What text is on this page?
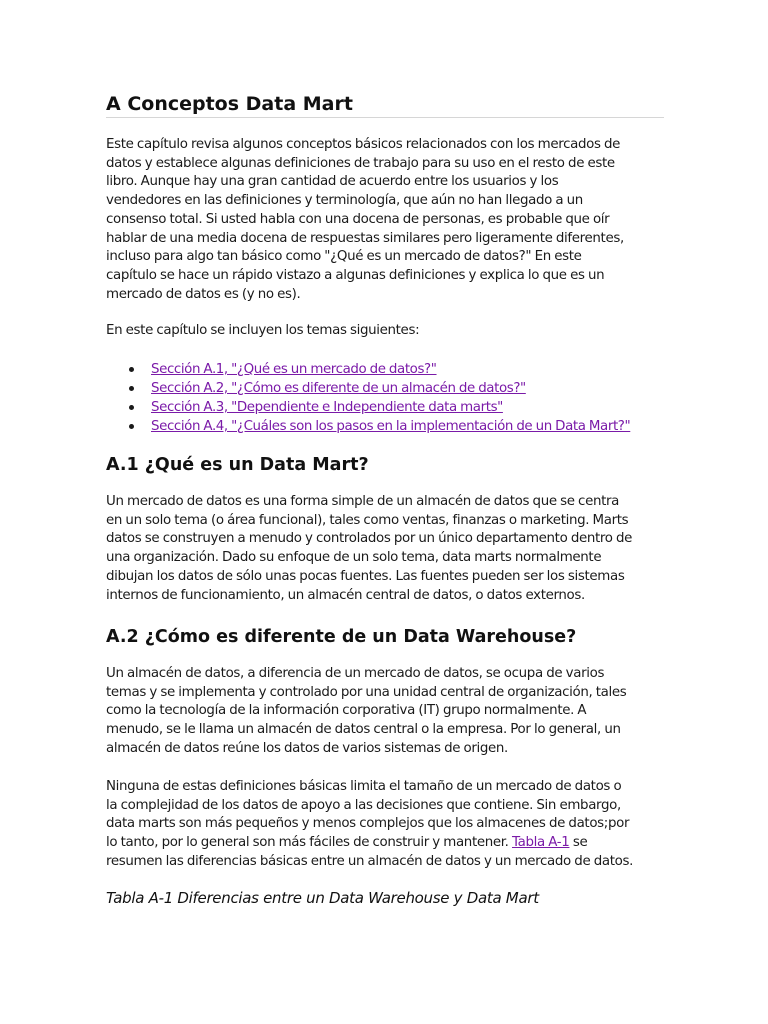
A Conceptos Data Mart

Este capítulo revisa algunos conceptos básicos relacionados con los mercados de
datos y establece algunas definiciones de trabajo para su uso en el resto de este
libro. Aunque hay una gran cantidad de acuerdo entre los usuarios y los
vendedores en las definiciones y terminología, que aún no han llegado a un
consenso total. Si usted habla con una docena de personas, es probable que oír
hablar de una media docena de respuestas similares pero ligeramente diferentes,
incluso para algo tan básico como "¿Qué es un mercado de datos?" En este
capítulo se hace un rápido vistazo a algunas definiciones y explica lo que es un
mercado de datos es (y no es).

En este capítulo se incluyen los temas siguientes:

Sección A.1, "¿Qué es un mercado de datos?"
Sección A.2, "¿Cómo es diferente de un almacén de datos?"
Sección A.3, "Dependiente e Independiente data marts"
Sección A.4, "¿Cuáles son los pasos en la implementación de un Data Mart?"
A.1 ¿Qué es un Data Mart?

Un mercado de datos es una forma simple de un almacén de datos que se centra
en un solo tema (o área funcional), tales como ventas, finanzas o marketing. Marts
datos se construyen a menudo y controlados por un único departamento dentro de
una organización. Dado su enfoque de un solo tema, data marts normalmente
dibujan los datos de sólo unas pocas fuentes. Las fuentes pueden ser los sistemas
internos de funcionamiento, un almacén central de datos, o datos externos.

A.2 ¿Cómo es diferente de un Data Warehouse?

Un almacén de datos, a diferencia de un mercado de datos, se ocupa de varios
temas y se implementa y controlado por una unidad central de organización, tales
como la tecnología de la información corporativa (IT) grupo normalmente. A
menudo, se le llama un almacén de datos central o la empresa. Por lo general, un
almacén de datos reúne los datos de varios sistemas de origen.

Ninguna de estas definiciones básicas limita el tamaño de un mercado de datos o
la complejidad de los datos de apoyo a las decisiones que contiene. Sin embargo,
data marts son más pequeños y menos complejos que los almacenes de datos;por
lo tanto, por lo general son más fáciles de construir y mantener. Tabla A-1 se
resumen las diferencias básicas entre un almacén de datos y un mercado de datos.

Tabla A-1 Diferencias entre un Data Warehouse y Data Mart
